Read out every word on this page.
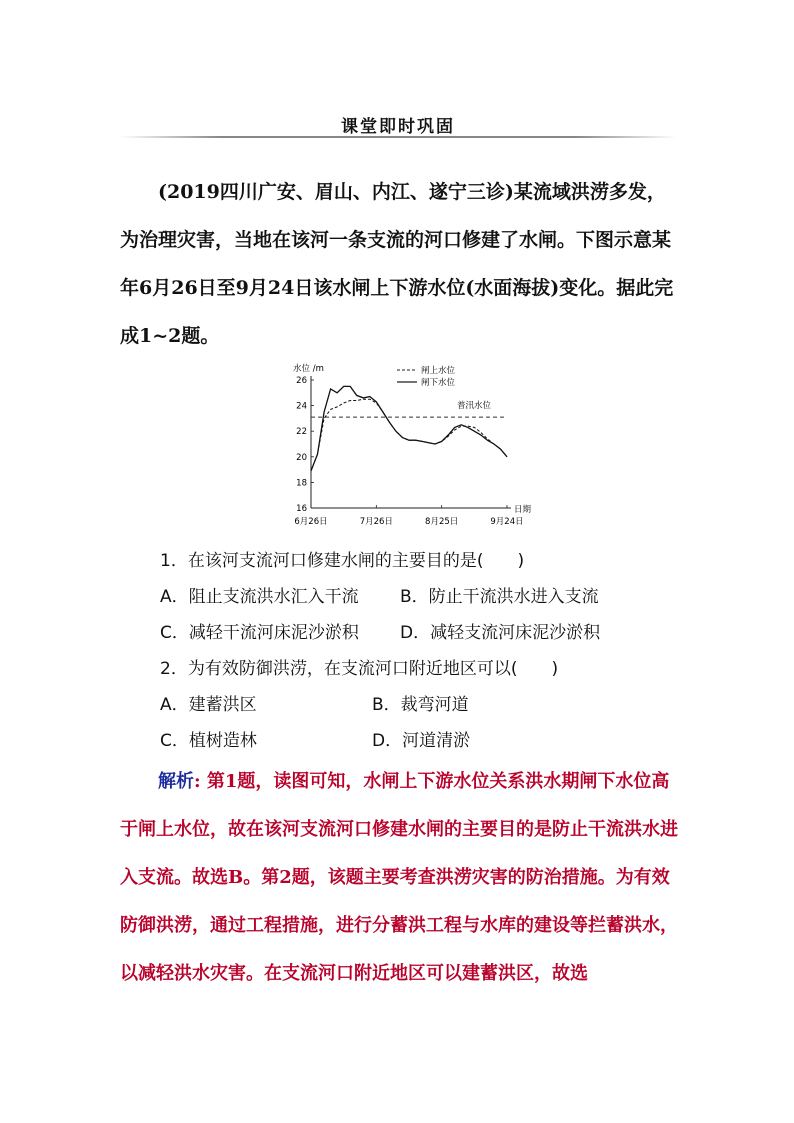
课堂即时巩固

(2019四川广安、眉山、内江、遂宁三诊)某流域洪涝多发，为治理灾害，当地在该河一条支流的河口修建了水闸。下图示意某年6月26日至9月24日该水闸上下游水位(水面海拔)变化。据此完成1~2题。

水位 /m
日期
16
18
20
22
24
26
6月26日	7月26日	8月25日	9月24日
闸上水位
闸下水位
普汛水位
1．在该河支流河口修建水闸的主要目的是(　　)
A．阻止支流洪水汇入干流 B．防止干流洪水进入支流
C．减轻干流河床泥沙淤积 D．减轻支流河床泥沙淤积
2．为有效防御洪涝，在支流河口附近地区可以(　　)
A．建蓄洪区	B．裁弯河道
C．植树造林	D．河道清淤

解析: 第1题，读图可知，水闸上下游水位关系洪水期闸下水位高于闸上水位，故在该河支流河口修建水闸的主要目的是防止干流洪水进入支流。故选B。第2题，该题主要考查洪涝灾害的防治措施。为有效防御洪涝，通过工程措施，进行分蓄洪工程与水库的建设等拦蓄洪水，以减轻洪水灾害。在支流河口附近地区可以建蓄洪区，故选
